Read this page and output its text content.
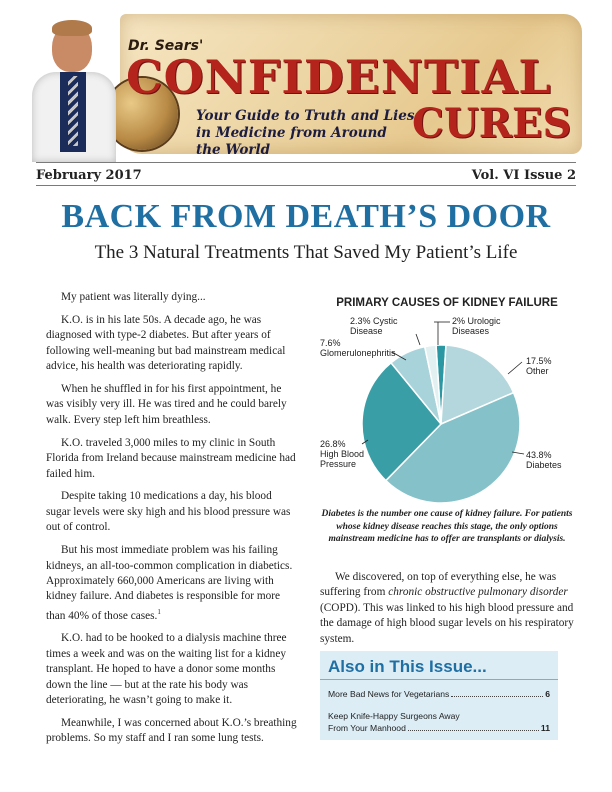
Dr. Sears'
CONFIDENTIAL
Your Guide to Truth and Lies in Medicine from Around the World
CURES
February 2017	Vol. VI Issue 2
BACK FROM DEATH’S DOOR
The 3 Natural Treatments That Saved My Patient’s Life

My patient was literally dying...

K.O. is in his late 50s. A decade ago, he was diagnosed with type-2 diabetes. But after years of following well-meaning but bad mainstream medical advice, his health was deteriorating rapidly.

When he shuffled in for his first appointment, he was visibly very ill. He was tired and he could barely walk. Every step left him breathless.

K.O. traveled 3,000 miles to my clinic in South Florida from Ireland because mainstream medicine had failed him.

Despite taking 10 medications a day, his blood sugar levels were sky high and his blood pressure was out of control.

But his most immediate problem was his failing kidneys, an all-too-common complication in diabetics. Approximately 660,000 Americans are living with kidney failure. And diabetes is responsible for more than 40% of those cases.$^1$

K.O. had to be hooked to a dialysis machine three times a week and was on the waiting list for a kidney transplant. He hoped to have a donor some months down the line — but at the rate his body was deteriorating, he wasn’t going to make it.

Meanwhile, I was concerned about K.O.’s breathing problems. So my staff and I ran some lung tests.

PRIMARY CAUSES OF KIDNEY FAILURE
2.3% Cystic Disease
2% Urologic Diseases
7.6% Glomerulonephritis
17.5% Other
43.8% Diabetes
26.8% High Blood Pressure
Diabetes is the number one cause of kidney failure. For patients whose kidney disease reaches this stage, the only options mainstream medicine has to offer are transplants or dialysis.

We discovered, on top of everything else, he was suffering from chronic obstructive pulmonary disorder (COPD). This was linked to his high blood pressure and the damage of high blood sugar levels on his respiratory system.

Also in This Issue...
More Bad News for Vegetarians	6
Keep Knife-Happy Surgeons Away
From Your Manhood	11
